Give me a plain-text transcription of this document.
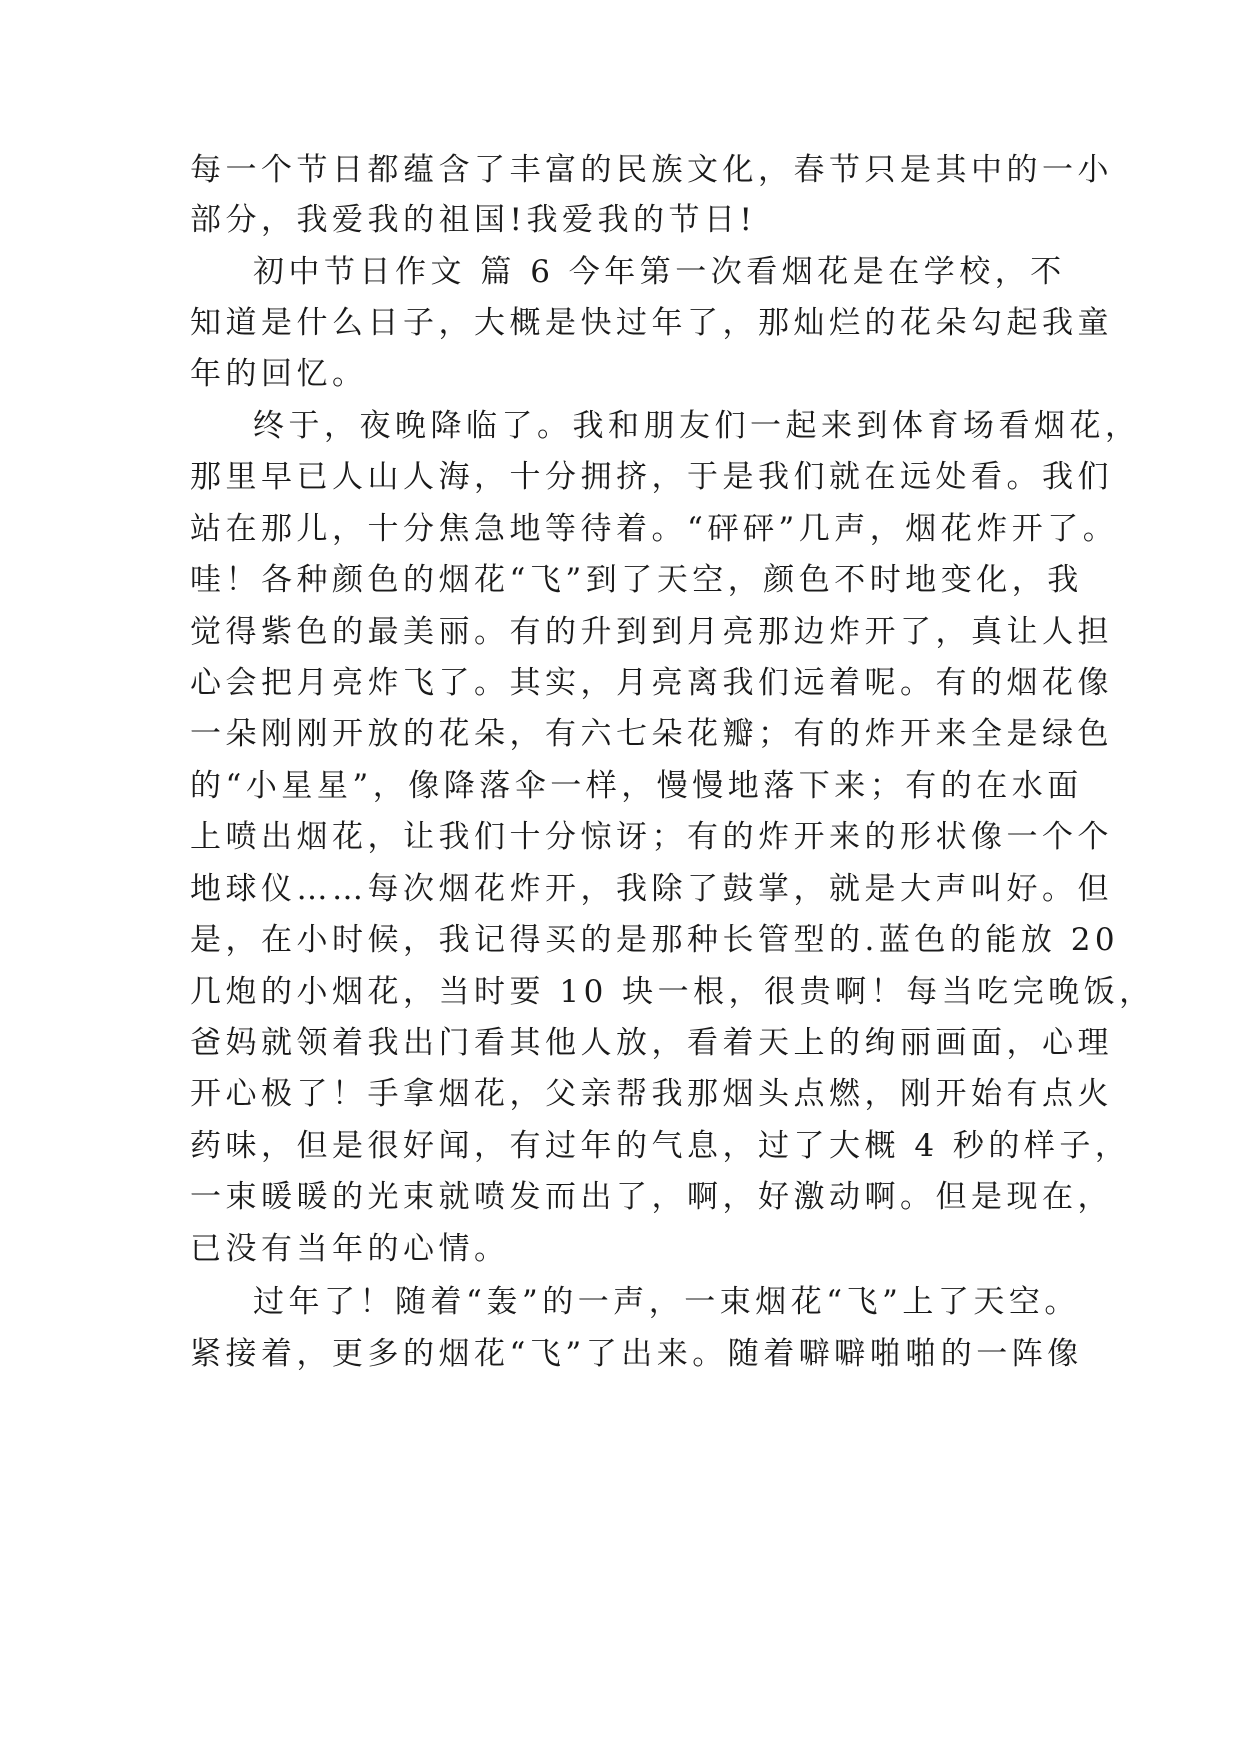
每一个节日都蕴含了丰富的民族文化，春节只是其中的一小
部分，我爱我的祖国!我爱我的节日!
初中节日作文 篇 6 今年第一次看烟花是在学校，不
知道是什么日子，大概是快过年了，那灿烂的花朵勾起我童
年的回忆。
终于，夜晚降临了。我和朋友们一起来到体育场看烟花，
那里早已人山人海，十分拥挤，于是我们就在远处看。我们
站在那儿，十分焦急地等待着。“砰砰”几声，烟花炸开了。
哇！各种颜色的烟花“飞”到了天空，颜色不时地变化，我
觉得紫色的最美丽。有的升到到月亮那边炸开了，真让人担
心会把月亮炸飞了。其实，月亮离我们远着呢。有的烟花像
一朵刚刚开放的花朵，有六七朵花瓣；有的炸开来全是绿色
的“小星星”，像降落伞一样，慢慢地落下来；有的在水面
上喷出烟花，让我们十分惊讶；有的炸开来的形状像一个个
地球仪……每次烟花炸开，我除了鼓掌，就是大声叫好。但
是，在小时候，我记得买的是那种长管型的.蓝色的能放 20
几炮的小烟花，当时要 10 块一根，很贵啊！每当吃完晚饭，
爸妈就领着我出门看其他人放，看着天上的绚丽画面，心理
开心极了！手拿烟花，父亲帮我那烟头点燃，刚开始有点火
药味，但是很好闻，有过年的气息，过了大概 4 秒的样子，
一束暖暖的光束就喷发而出了，啊，好激动啊。但是现在，
已没有当年的心情。
过年了！随着“轰”的一声，一束烟花“飞”上了天空。
紧接着，更多的烟花“飞”了出来。随着噼噼啪啪的一阵像
